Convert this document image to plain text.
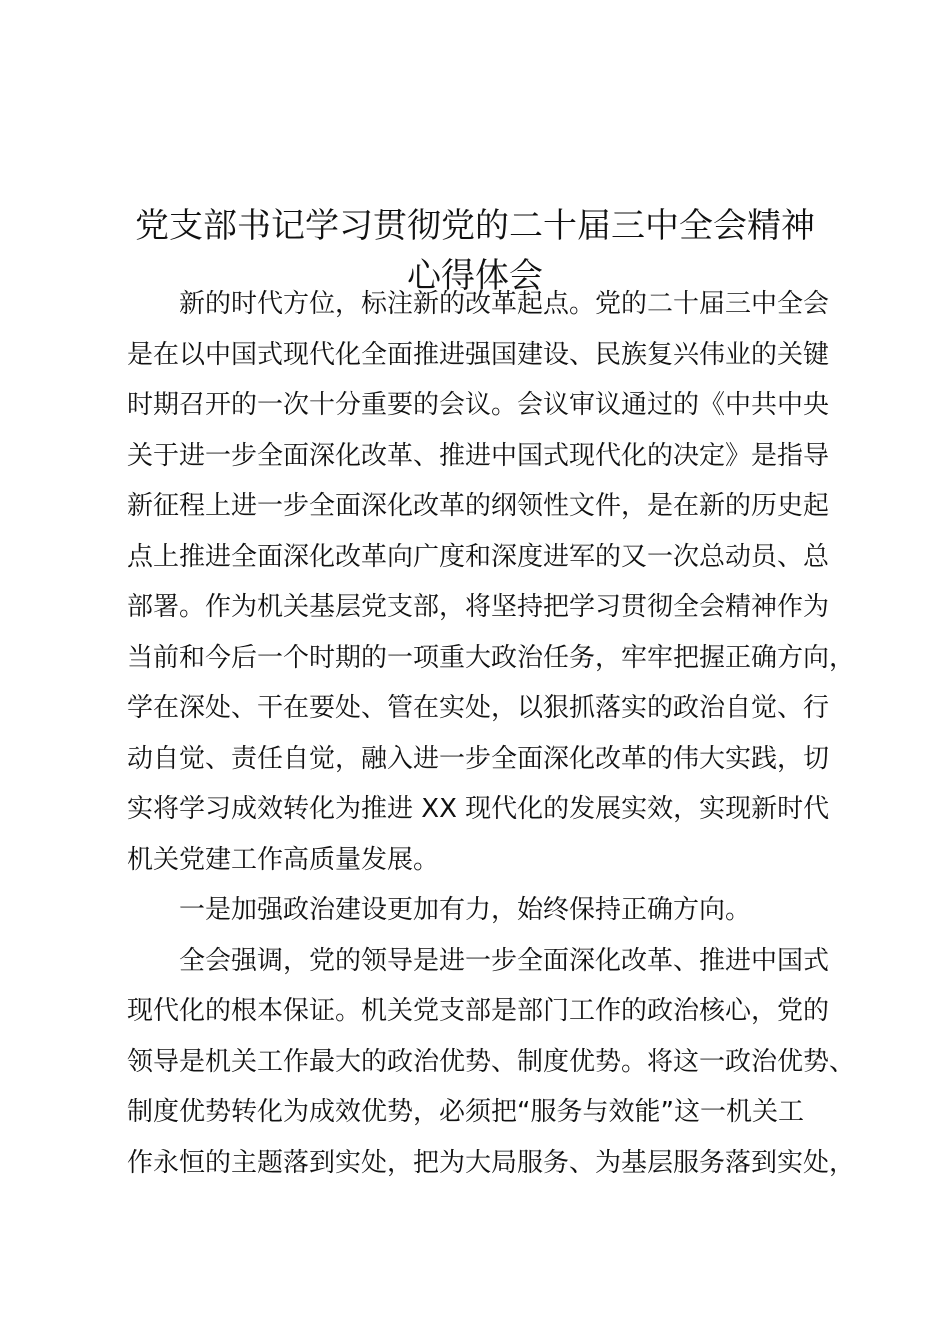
党支部书记学习贯彻党的二十届三中全会精神
心得体会

新的时代方位，标注新的改革起点。党的二十届三中全会
是在以中国式现代化全面推进强国建设、民族复兴伟业的关键
时期召开的一次十分重要的会议。会议审议通过的《中共中央
关于进一步全面深化改革、推进中国式现代化的决定》是指导
新征程上进一步全面深化改革的纲领性文件，是在新的历史起
点上推进全面深化改革向广度和深度进军的又一次总动员、总
部署。作为机关基层党支部，将坚持把学习贯彻全会精神作为
当前和今后一个时期的一项重大政治任务，牢牢把握正确方向，
学在深处、干在要处、管在实处，以狠抓落实的政治自觉、行
动自觉、责任自觉，融入进一步全面深化改革的伟大实践，切
实将学习成效转化为推进 XX 现代化的发展实效，实现新时代
机关党建工作高质量发展。

一是加强政治建设更加有力，始终保持正确方向。

全会强调，党的领导是进一步全面深化改革、推进中国式
现代化的根本保证。机关党支部是部门工作的政治核心，党的
领导是机关工作最大的政治优势、制度优势。将这一政治优势、
制度优势转化为成效优势，必须把“服务与效能”这一机关工
作永恒的主题落到实处，把为大局服务、为基层服务落到实处，
